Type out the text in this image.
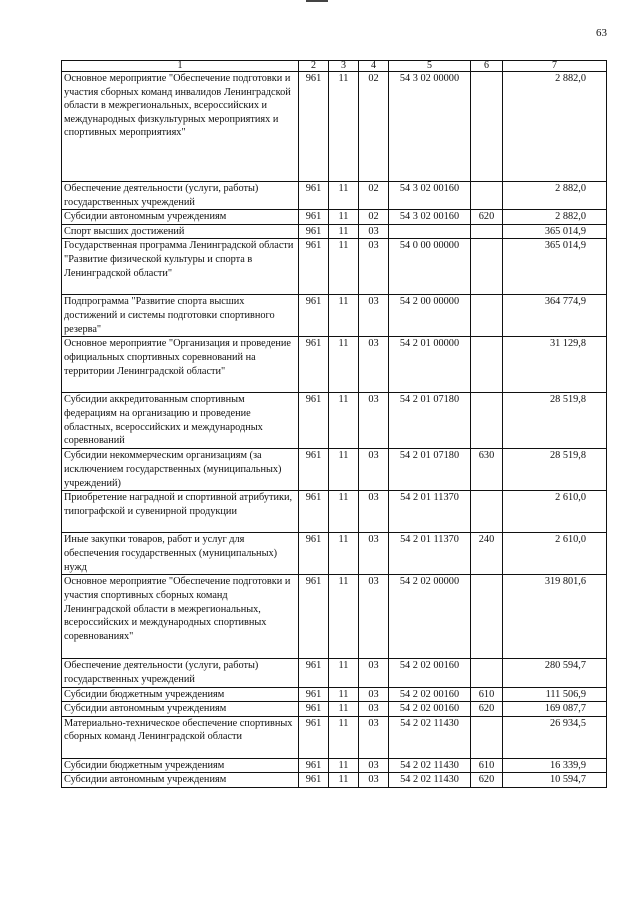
63
1	2	3	4	5	6	7
Основное мероприятие "Обеспечение подготовки и участия сборных команд инвалидов Ленинградской области в межрегиональных, всероссийских и международных физкультурных мероприятиях и спортивных мероприятиях"	961	11	02	54 3 02 00000		2 882,0
Обеспечение деятельности (услуги, работы) государственных учреждений	961	11	02	54 3 02 00160		2 882,0
Субсидии автономным учреждениям	961	11	02	54 3 02 00160	620	2 882,0
Спорт высших достижений	961	11	03			365 014,9
Государственная программа Ленинградской области "Развитие физической культуры и спорта в Ленинградской области"	961	11	03	54 0 00 00000		365 014,9
Подпрограмма "Развитие спорта высших достижений и системы подготовки спортивного резерва"	961	11	03	54 2 00 00000		364 774,9
Основное мероприятие "Организация и проведение официальных спортивных соревнований на территории Ленинградской области"	961	11	03	54 2 01 00000		31 129,8
Субсидии аккредитованным спортивным федерациям на организацию и проведение областных, всероссийских и международных соревнований	961	11	03	54 2 01 07180		28 519,8
Субсидии некоммерческим организациям (за исключением государственных (муниципальных) учреждений)	961	11	03	54 2 01 07180	630	28 519,8
Приобретение наградной и спортивной атрибутики, типографской и сувенирной продукции	961	11	03	54 2 01 11370		2 610,0
Иные закупки товаров, работ и услуг для обеспечения государственных (муниципальных) нужд	961	11	03	54 2 01 11370	240	2 610,0
Основное мероприятие "Обеспечение подготовки и участия спортивных сборных команд Ленинградской области в межрегиональных, всероссийских и международных спортивных соревнованиях"	961	11	03	54 2 02 00000		319 801,6
Обеспечение деятельности (услуги, работы) государственных учреждений	961	11	03	54 2 02 00160		280 594,7
Субсидии бюджетным учреждениям	961	11	03	54 2 02 00160	610	111 506,9
Субсидии автономным учреждениям	961	11	03	54 2 02 00160	620	169 087,7
Материально-техническое обеспечение спортивных сборных команд Ленинградской области	961	11	03	54 2 02 11430		26 934,5
Субсидии бюджетным учреждениям	961	11	03	54 2 02 11430	610	16 339,9
Субсидии автономным учреждениям	961	11	03	54 2 02 11430	620	10 594,7
